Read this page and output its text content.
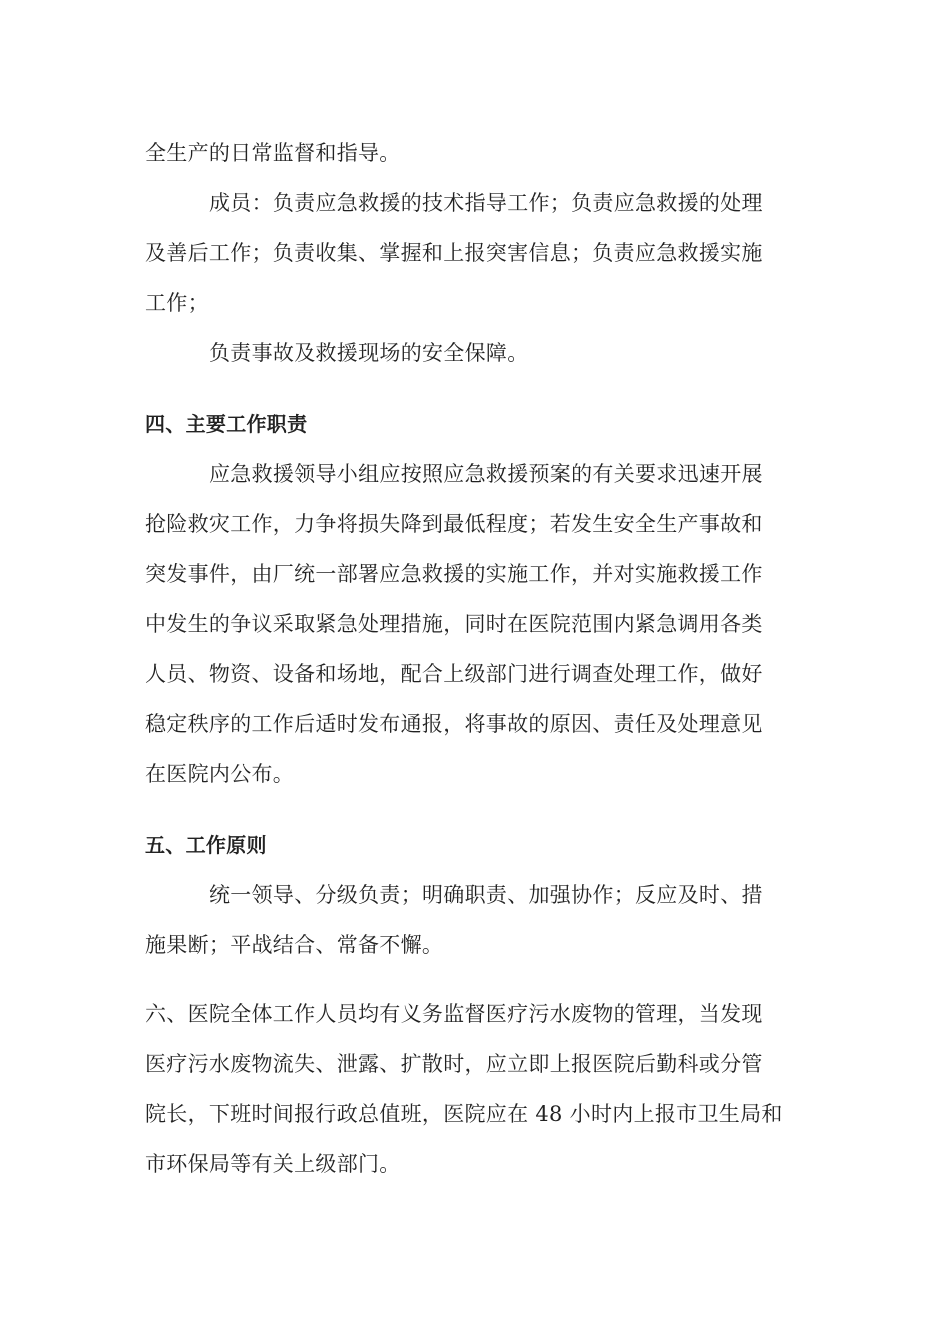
全生产的日常监督和指导。
成员：负责应急救援的技术指导工作；负责应急救援的处理
及善后工作；负责收集、掌握和上报突害信息；负责应急救援实施
工作；
负责事故及救援现场的安全保障。
四、主要工作职责
应急救援领导小组应按照应急救援预案的有关要求迅速开展
抢险救灾工作，力争将损失降到最低程度；若发生安全生产事故和
突发事件，由厂统一部署应急救援的实施工作，并对实施救援工作
中发生的争议采取紧急处理措施，同时在医院范围内紧急调用各类
人员、物资、设备和场地，配合上级部门进行调查处理工作，做好
稳定秩序的工作后适时发布通报，将事故的原因、责任及处理意见
在医院内公布。
五、工作原则
统一领导、分级负责；明确职责、加强协作；反应及时、措
施果断；平战结合、常备不懈。
六、医院全体工作人员均有义务监督医疗污水废物的管理，当发现
医疗污水废物流失、泄露、扩散时，应立即上报医院后勤科或分管
院长，下班时间报行政总值班，医院应在 48 小时内上报市卫生局和
市环保局等有关上级部门。
